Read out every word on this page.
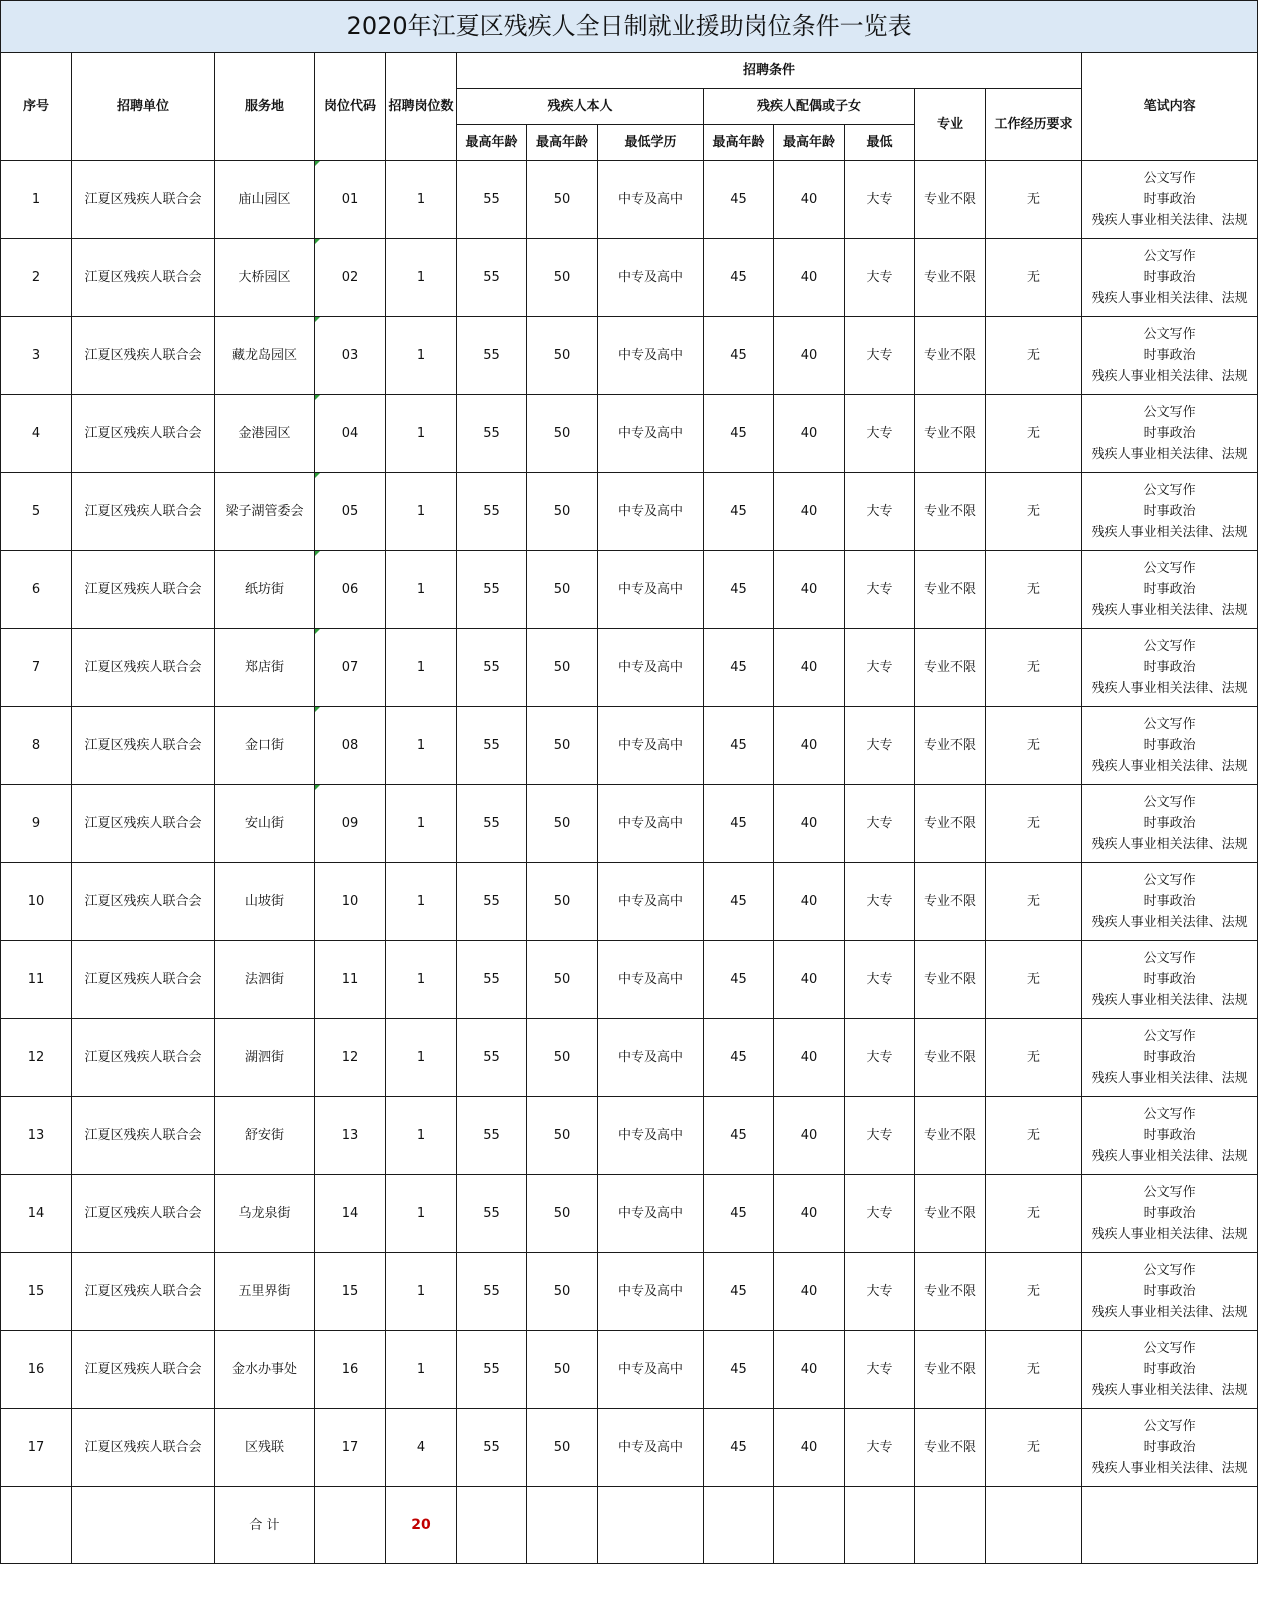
2020年江夏区残疾人全日制就业援助岗位条件一览表													
序号	招聘单位	服务地	岗位代码	招聘岗位数	招聘条件								笔试内容
					残疾人本人			残疾人配偶或子女			专业	工作经历要求	
					最高年龄	最高年龄	最低学历	最高年龄	最高年龄	最低			
1	江夏区残疾人联合会	庙山园区	01	1	55	50	中专及高中	45	40	大专	专业不限	无	公文写作
时事政治
残疾人事业相关法律、法规

2	江夏区残疾人联合会	大桥园区	02	1	55	50	中专及高中	45	40	大专	专业不限	无	公文写作
时事政治
残疾人事业相关法律、法规

3	江夏区残疾人联合会	藏龙岛园区	03	1	55	50	中专及高中	45	40	大专	专业不限	无	公文写作
时事政治
残疾人事业相关法律、法规

4	江夏区残疾人联合会	金港园区	04	1	55	50	中专及高中	45	40	大专	专业不限	无	公文写作
时事政治
残疾人事业相关法律、法规

5	江夏区残疾人联合会	梁子湖管委会	05	1	55	50	中专及高中	45	40	大专	专业不限	无	公文写作
时事政治
残疾人事业相关法律、法规

6	江夏区残疾人联合会	纸坊街	06	1	55	50	中专及高中	45	40	大专	专业不限	无	公文写作
时事政治
残疾人事业相关法律、法规

7	江夏区残疾人联合会	郑店街	07	1	55	50	中专及高中	45	40	大专	专业不限	无	公文写作
时事政治
残疾人事业相关法律、法规

8	江夏区残疾人联合会	金口街	08	1	55	50	中专及高中	45	40	大专	专业不限	无	公文写作
时事政治
残疾人事业相关法律、法规

9	江夏区残疾人联合会	安山街	09	1	55	50	中专及高中	45	40	大专	专业不限	无	公文写作
时事政治
残疾人事业相关法律、法规

10	江夏区残疾人联合会	山坡街	10	1	55	50	中专及高中	45	40	大专	专业不限	无	公文写作
时事政治
残疾人事业相关法律、法规

11	江夏区残疾人联合会	法泗街	11	1	55	50	中专及高中	45	40	大专	专业不限	无	公文写作
时事政治
残疾人事业相关法律、法规

12	江夏区残疾人联合会	湖泗街	12	1	55	50	中专及高中	45	40	大专	专业不限	无	公文写作
时事政治
残疾人事业相关法律、法规

13	江夏区残疾人联合会	舒安街	13	1	55	50	中专及高中	45	40	大专	专业不限	无	公文写作
时事政治
残疾人事业相关法律、法规

14	江夏区残疾人联合会	乌龙泉街	14	1	55	50	中专及高中	45	40	大专	专业不限	无	公文写作
时事政治
残疾人事业相关法律、法规

15	江夏区残疾人联合会	五里界街	15	1	55	50	中专及高中	45	40	大专	专业不限	无	公文写作
时事政治
残疾人事业相关法律、法规

16	江夏区残疾人联合会	金水办事处	16	1	55	50	中专及高中	45	40	大专	专业不限	无	公文写作
时事政治
残疾人事业相关法律、法规

17	江夏区残疾人联合会	区残联	17	4	55	50	中专及高中	45	40	大专	专业不限	无	公文写作
时事政治
残疾人事业相关法律、法规

		合 计		20									
